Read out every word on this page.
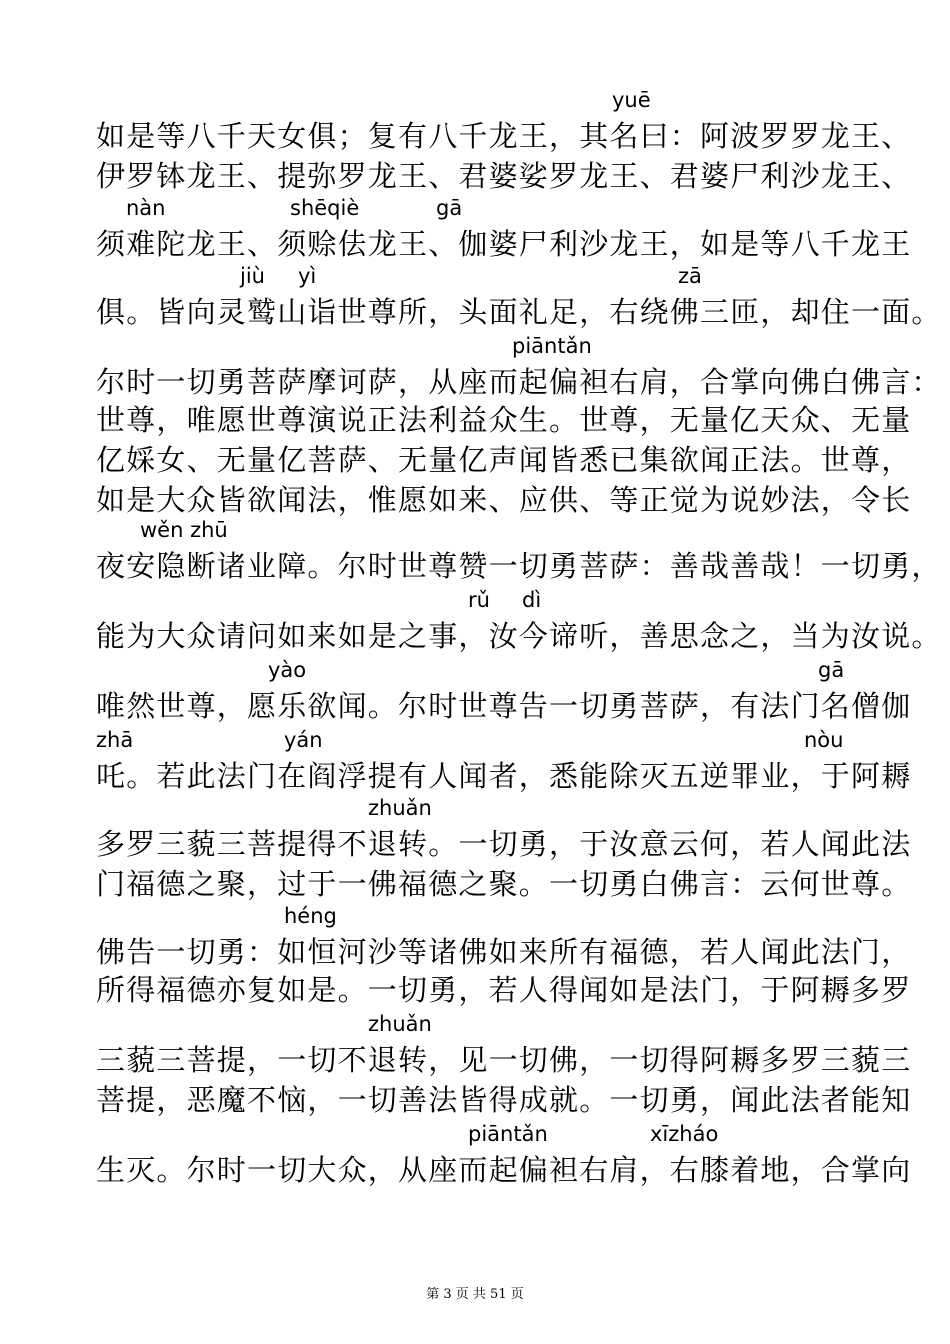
yuē
如是等八千天女俱；复有八千龙王，其名曰：阿波罗罗龙王、
伊罗钵龙王、提弥罗龙王、君婆娑罗龙王、君婆尸利沙龙王、
nàn	shēqiè	gā
须难陀龙王、须赊佉龙王、伽婆尸利沙龙王，如是等八千龙王
jiù yì	zā
俱。皆向灵鹫山诣世尊所，头面礼足，右绕佛三匝，却住一面。
piāntǎn
尔时一切勇菩萨摩诃萨，从座而起偏袒右肩，合掌向佛白佛言：
世尊，唯愿世尊演说正法利益众生。世尊，无量亿天众、无量
亿婇女、无量亿菩萨、无量亿声闻皆悉已集欲闻正法。世尊，
如是大众皆欲闻法，惟愿如来、应供、等正觉为说妙法，令长
wěn zhū
夜安隐断诸业障。尔时世尊赞一切勇菩萨：善哉善哉！一切勇，
rǔ dì
能为大众请问如来如是之事，汝今谛听，善思念之，当为汝说。
yào	gā
唯然世尊，愿乐欲闻。尔时世尊告一切勇菩萨，有法门名僧伽
zhā	yán	nòu
吒。若此法门在阎浮提有人闻者，悉能除灭五逆罪业，于阿耨
zhuǎn
多罗三藐三菩提得不退转。一切勇，于汝意云何，若人闻此法
门福德之聚，过于一佛福德之聚。一切勇白佛言：云何世尊。
héng
佛告一切勇：如恒河沙等诸佛如来所有福德，若人闻此法门，
所得福德亦复如是。一切勇，若人得闻如是法门，于阿耨多罗
zhuǎn
三藐三菩提，一切不退转，见一切佛，一切得阿耨多罗三藐三
菩提，恶魔不恼，一切善法皆得成就。一切勇，闻此法者能知
piāntǎn	xīzháo
生灭。尔时一切大众，从座而起偏袒右肩，右膝着地，合掌向
第 3 页 共 51 页
